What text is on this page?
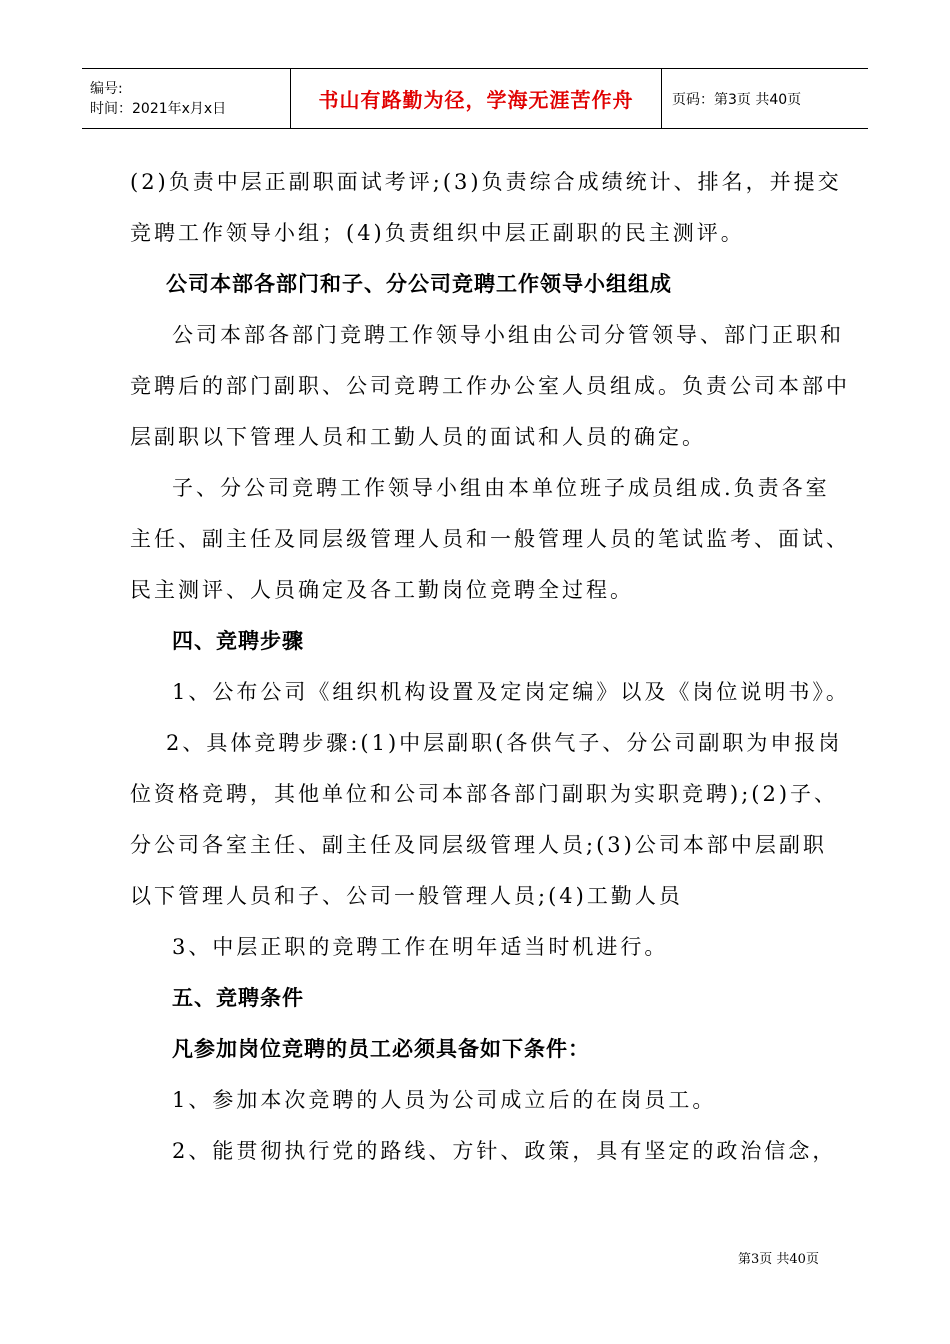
编号:
时间：2021年x月x日	书山有路勤为径，学海无涯苦作舟	页码：第3页 共40页

(2)负责中层正副职面试考评;(3)负责综合成绩统计、排名，并提交竞聘工作领导小组；(4)负责组织中层正副职的民主测评。

公司本部各部门和子、分公司竞聘工作领导小组组成

公司本部各部门竞聘工作领导小组由公司分管领导、部门正职和竞聘后的部门副职、公司竞聘工作办公室人员组成。负责公司本部中层副职以下管理人员和工勤人员的面试和人员的确定。

子、分公司竞聘工作领导小组由本单位班子成员组成.负责各室主任、副主任及同层级管理人员和一般管理人员的笔试监考、面试、民主测评、人员确定及各工勤岗位竞聘全过程。

四、竞聘步骤

1、公布公司《组织机构设置及定岗定编》以及《岗位说明书》。

2、具体竞聘步骤:(1)中层副职(各供气子、分公司副职为申报岗位资格竞聘，其他单位和公司本部各部门副职为实职竞聘);(2)子、分公司各室主任、副主任及同层级管理人员;(3)公司本部中层副职以下管理人员和子、公司一般管理人员;(4)工勤人员

3、中层正职的竞聘工作在明年适当时机进行。

五、竞聘条件

凡参加岗位竞聘的员工必须具备如下条件：

1、参加本次竞聘的人员为公司成立后的在岗员工。

2、能贯彻执行党的路线、方针、政策，具有坚定的政治信念，

第3页 共40页
